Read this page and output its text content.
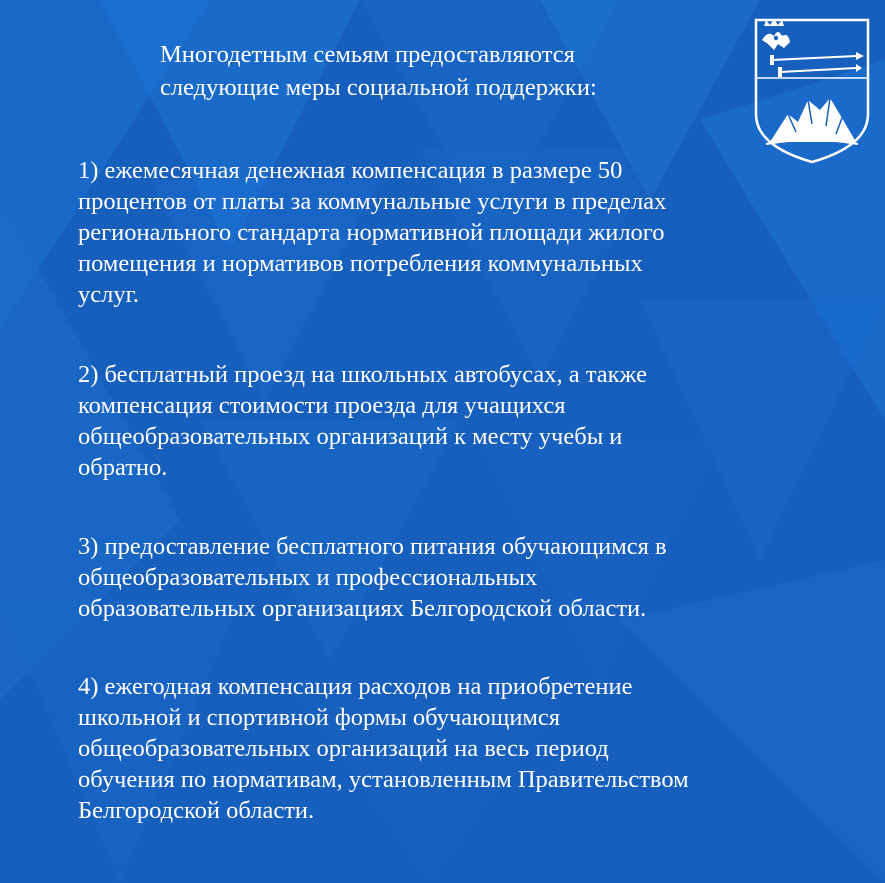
Многодетным семьям предоставляются
следующие меры социальной поддержки:
1) ежемесячная денежная компенсация в размере 50
процентов от платы за коммунальные услуги в пределах
регионального стандарта нормативной площади жилого
помещения и нормативов потребления коммунальных
услуг.
2) бесплатный проезд на школьных автобусах, а также
компенсация стоимости проезда для учащихся
общеобразовательных организаций к месту учебы и
обратно.
3) предоставление бесплатного питания обучающимся в
общеобразовательных и профессиональных
образовательных организациях Белгородской области.
4) ежегодная компенсация расходов на приобретение
школьной и спортивной формы обучающимся
общеобразовательных организаций на весь период
обучения по нормативам, установленным Правительством
Белгородской области.
